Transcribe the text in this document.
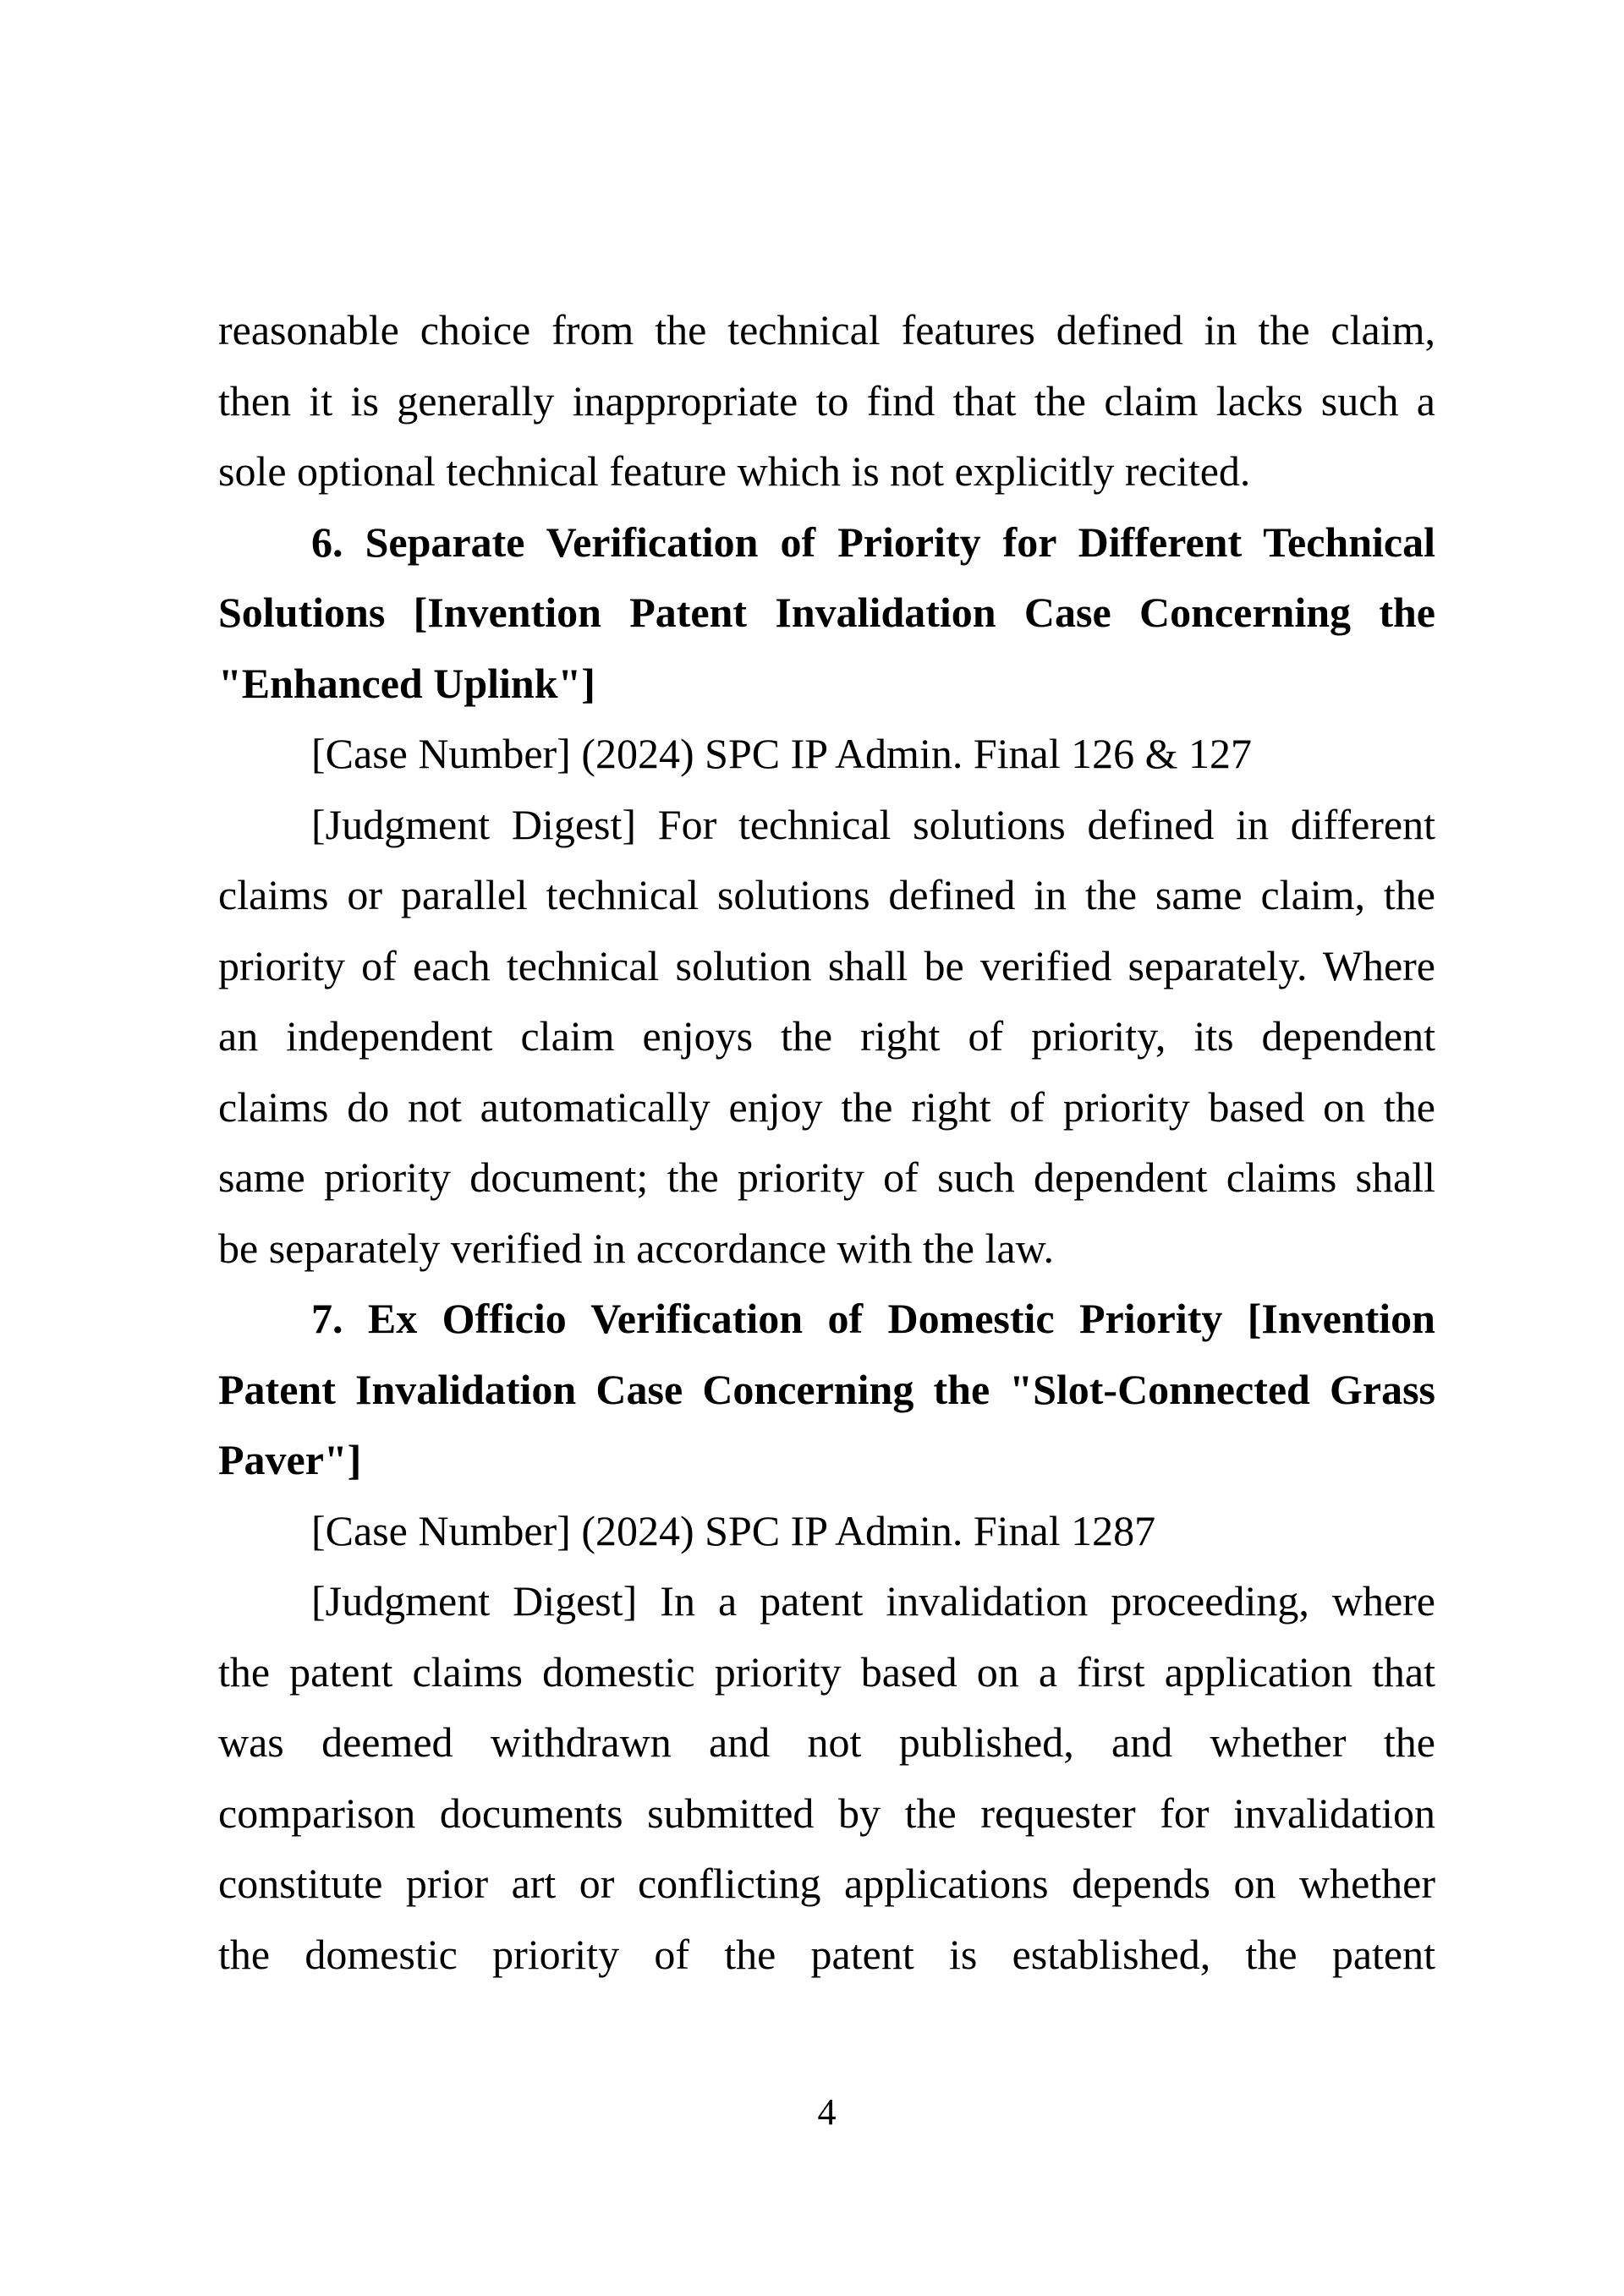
reasonable choice from the technical features defined in the claim,
then it is generally inappropriate to find that the claim lacks such a
sole optional technical feature which is not explicitly recited.
6. Separate Verification of Priority for Different Technical
Solutions [Invention Patent Invalidation Case Concerning the
"Enhanced Uplink"]
[Case Number] (2024) SPC IP Admin. Final 126 & 127
[Judgment Digest] For technical solutions defined in different
claims or parallel technical solutions defined in the same claim, the
priority of each technical solution shall be verified separately. Where
an independent claim enjoys the right of priority, its dependent
claims do not automatically enjoy the right of priority based on the
same priority document; the priority of such dependent claims shall
be separately verified in accordance with the law.
7. Ex Officio Verification of Domestic Priority [Invention
Patent Invalidation Case Concerning the "Slot-Connected Grass
Paver"]
[Case Number] (2024) SPC IP Admin. Final 1287
[Judgment Digest] In a patent invalidation proceeding, where
the patent claims domestic priority based on a first application that
was deemed withdrawn and not published, and whether the
comparison documents submitted by the requester for invalidation
constitute prior art or conflicting applications depends on whether
the domestic priority of the patent is established, the patent
4
